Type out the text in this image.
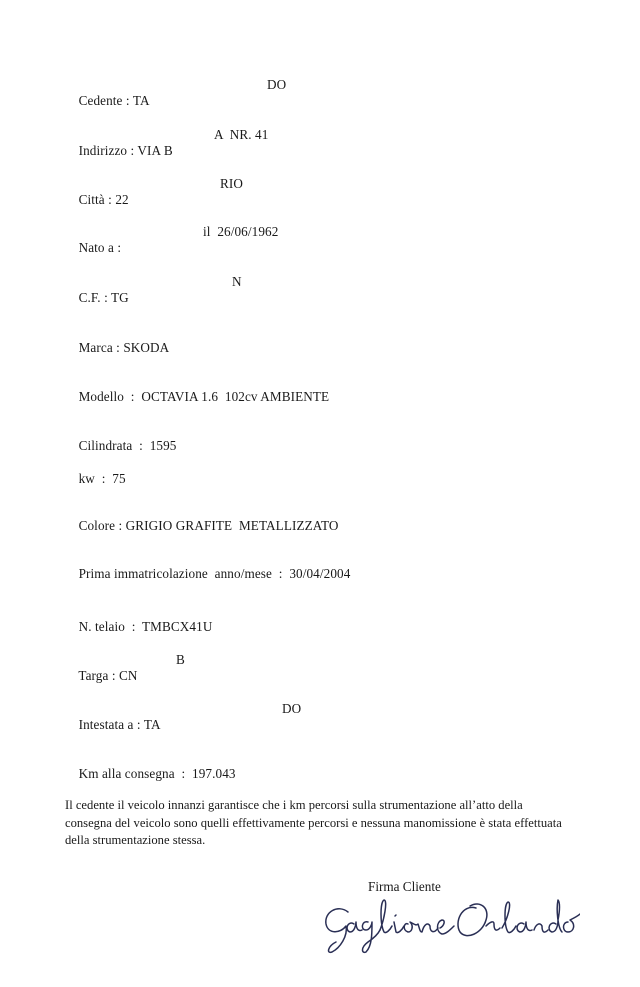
Cedente : TA

DO

Indirizzo : VIA B

A  NR. 41

Città : 22

RIO

Nato a :

il  26/06/1962

C.F. : TG

N

Marca : SKODA

Modello  :  OCTAVIA 1.6  102cv AMBIENTE

Cilindrata  :  1595

kw  :  75

Colore : GRIGIO GRAFITE  METALLIZZATO

Prima immatricolazione  anno/mese  :  30/04/2004

N. telaio  :  TMBCX41U

Targa : CN

B

Intestata a : TA

DO

Km alla consegna  :  197.043

Il cedente il veicolo innanzi garantisce che i km percorsi sulla strumentazione all’atto della
consegna del veicolo sono quelli effettivamente percorsi e nessuna manomissione è stata effettuata
della strumentazione stessa.
Firma Cliente
